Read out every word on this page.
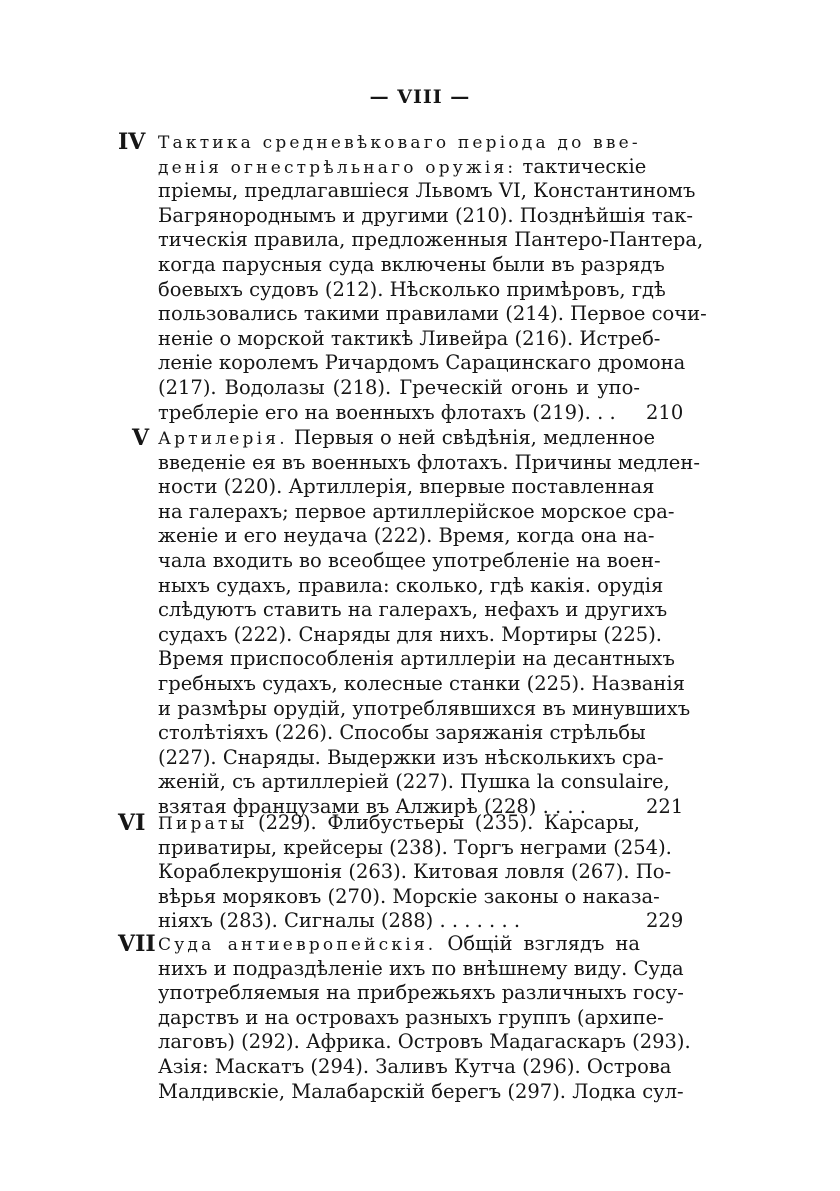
— VIII —
IV Тактика средневѣковаго періода до вве-
денія огнестрѣльнаго оружія: тактическіе
пріемы, предлагавшіеся Львомъ VI, Константиномъ
Багрянороднымъ и другими (210). Позднѣйшія так-
тическія правила, предложенныя Пантеро-Пантера,
когда парусныя суда включены были въ разрядъ
боевыхъ судовъ (212). Нѣсколько примѣровъ, гдѣ
пользовались такими правилами (214). Первое сочи-
неніе о морской тактикѣ Ливейра (216). Истреб-
леніе королемъ Ричардомъ Сарацинскаго дромона
(217). Водолазы (218). Греческій огонь и упо-
треблеріе его на военныхъ флотахъ (219). . .	210
V Артилерія. Первыя о ней свѣдѣнія, медленное
введеніе ея въ военныхъ флотахъ. Причины медлен-
ности (220). Артиллерія, впервые поставленная
на галерахъ; первое артиллерійское морское сра-
женіе и его неудача (222). Время, когда она на-
чала входить во всеобщее употребленіе на воен-
ныхъ судахъ, правила: сколько, гдѣ какія. орудія
слѣдуютъ ставить на галерахъ, нефахъ и другихъ
судахъ (222). Снаряды для нихъ. Мортиры (225).
Время приспособленія артиллеріи на десантныхъ
гребныхъ судахъ, колесные станки (225). Названія
и размѣры орудій, употреблявшихся въ минувшихъ
столѣтіяхъ (226). Способы заряжанія стрѣльбы
(227). Снаряды. Выдержки изъ нѣсколькихъ сра-
женій, съ артиллеріей (227). Пушка la consulaire,
взятая французами въ Алжирѣ (228) . . . .	221
VI Пираты (229). Флибустьеры (235). Карсары,
приватиры, крейсеры (238). Торгъ неграми (254).
Кораблекрушонія (263). Китовая ловля (267). По-
вѣрья моряковъ (270). Морскіе законы о наказа-
ніяхъ (283). Сигналы (288) . . . . . . .	229
VII Суда антиевропейскія. Общій взглядъ на
нихъ и подраздѣленіе ихъ по внѣшнему виду. Суда
употребляемыя на прибрежьяхъ различныхъ госу-
дарствъ и на островахъ разныхъ группъ (архипе-
лаговъ) (292). Африка. Островъ Мадагаскаръ (293).
Азія: Маскатъ (294). Заливъ Кутча (296). Острова
Малдивскіе, Малабарскій берегъ (297). Лодка сул-
